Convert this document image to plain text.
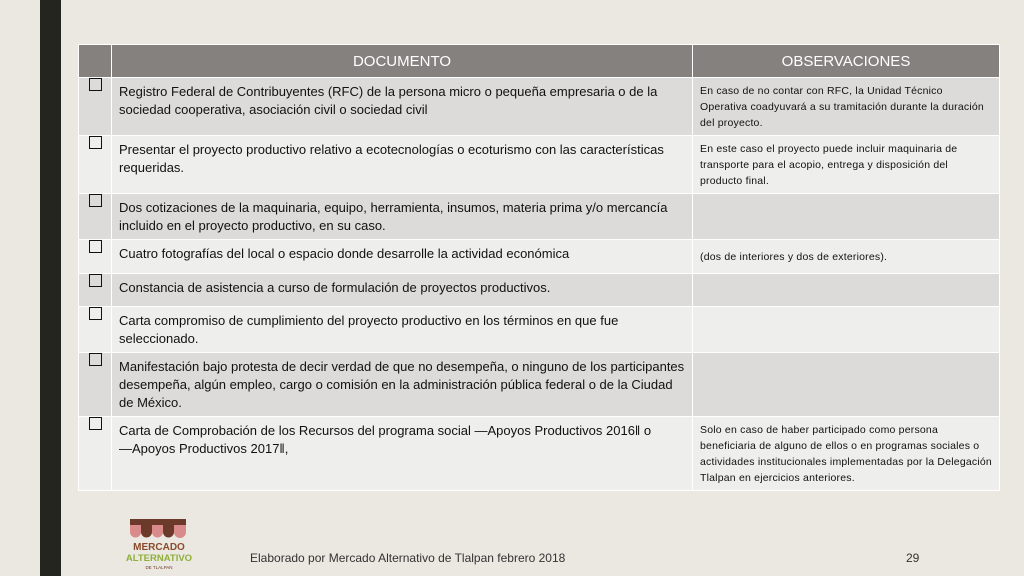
	DOCUMENTO	OBSERVACIONES
	Registro Federal de Contribuyentes (RFC) de la persona micro o pequeña empresaria o de la sociedad cooperativa, asociación civil o sociedad civil	En caso de no contar con RFC, la Unidad Técnico Operativa coadyuvará a su tramitación durante la duración del proyecto.
	Presentar el proyecto productivo relativo a ecotecnologías o ecoturismo con las características requeridas.	En este caso el proyecto puede incluir maquinaria de transporte para el acopio, entrega y disposición del producto final.
	Dos cotizaciones de la maquinaria, equipo, herramienta, insumos, materia prima y/o mercancía incluido en el proyecto productivo, en su caso.	
	Cuatro fotografías del local o espacio donde desarrolle la actividad económica	(dos de interiores y dos de exteriores).
	Constancia de asistencia a curso de formulación de proyectos productivos.	
	Carta compromiso de cumplimiento del proyecto productivo en los términos en que fue seleccionado.	
	Manifestación bajo protesta de decir verdad de que no desempeña, o ninguno de los participantes desempeña, algún empleo, cargo o comisión en la administración pública federal o de la Ciudad de México.	
	Carta de Comprobación de los Recursos del programa social ―Apoyos Productivos 2016‖ o ―Apoyos Productivos 2017‖,	Solo en caso de haber participado como persona beneficiaria de alguno de ellos o en programas sociales o actividades institucionales implementadas por la Delegación Tlalpan en ejercicios anteriores.
MERCADO
ALTERNATIVO
DE TLALPAN
Elaborado por Mercado Alternativo de Tlalpan febrero 2018	29
